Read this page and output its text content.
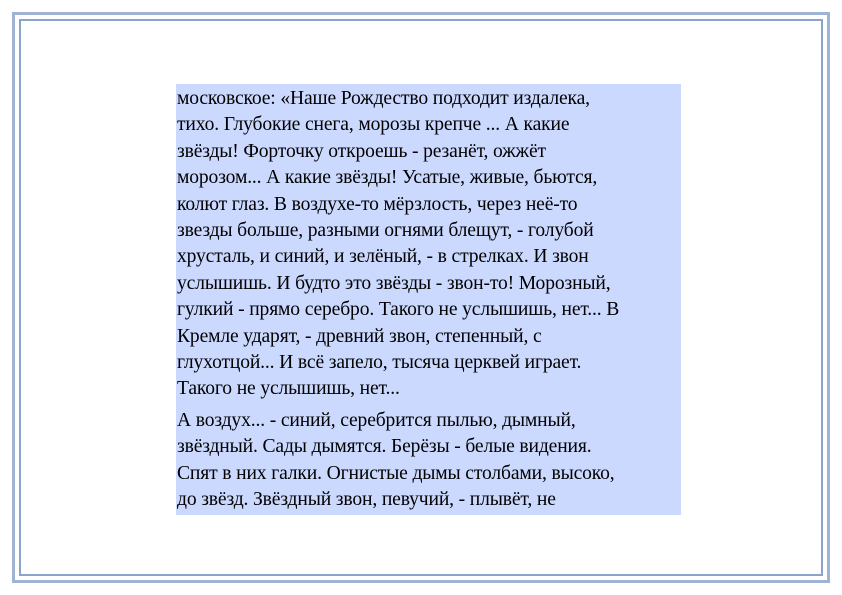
московское: «Наше Рождество подходит издалека,
тихо. Глубокие снега, морозы крепче ... А какие
звёзды! Форточку откроешь - резанёт, ожжёт
морозом... А какие звёзды! Усатые, живые, бьются,
колют глаз. В воздухе-то мёрзлость, через неё-то
звезды больше, разными огнями блещут, - голубой
хрусталь, и синий, и зелёный, - в стрелках. И звон
услышишь. И будто это звёзды - звон-то! Морозный,
гулкий - прямо серебро. Такого не услышишь, нет... В
Кремле ударят, - древний звон, степенный, с
глухотцой... И всё запело, тысяча церквей играет.
Такого не услышишь, нет...

А воздух... - синий, серебрится пылью, дымный,
звёздный. Сады дымятся. Берёзы - белые видения.
Спят в них галки. Огнистые дымы столбами, высоко,
до звёзд. Звёздный звон, певучий, - плывёт, не
